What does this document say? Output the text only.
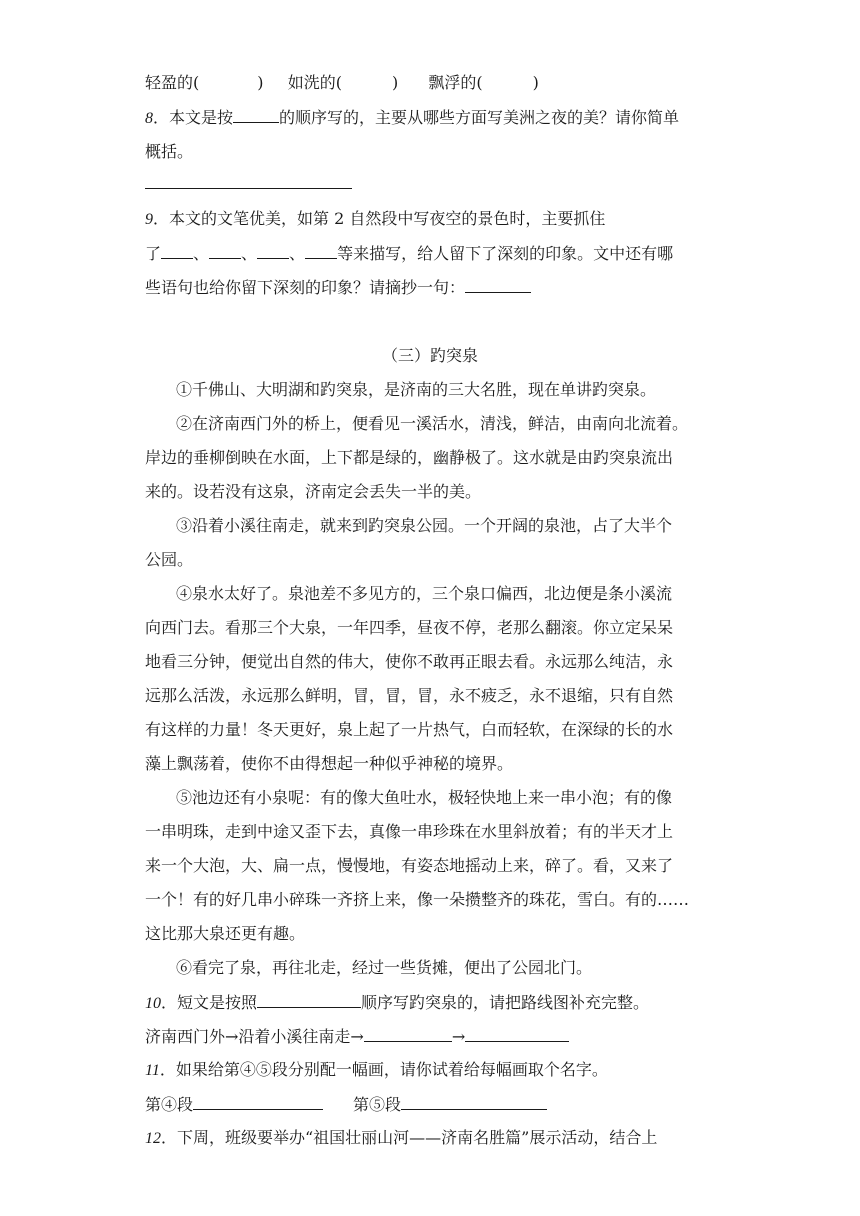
轻盈的(	) 如洗的(	) 飘浮的(	)
8．本文是按	的顺序写的，主要从哪些方面写美洲之夜的美？请你简单
概括。
9．本文的文笔优美，如第 2 自然段中写夜空的景色时，主要抓住
了 、 、 、 等来描写，给人留下了深刻的印象。文中还有哪
些语句也给你留下深刻的印象？请摘抄一句：
（三）趵突泉
①千佛山、大明湖和趵突泉，是济南的三大名胜，现在单讲趵突泉。
②在济南西门外的桥上，便看见一溪活水，清浅，鲜洁，由南向北流着。
岸边的垂柳倒映在水面，上下都是绿的，幽静极了。这水就是由趵突泉流出
来的。设若没有这泉，济南定会丢失一半的美。
③沿着小溪往南走，就来到趵突泉公园。一个开阔的泉池，占了大半个
公园。
④泉水太好了。泉池差不多见方的，三个泉口偏西，北边便是条小溪流
向西门去。看那三个大泉，一年四季，昼夜不停，老那么翻滚。你立定呆呆
地看三分钟，便觉出自然的伟大，使你不敢再正眼去看。永远那么纯洁，永
远那么活泼，永远那么鲜明，冒，冒，冒，永不疲乏，永不退缩，只有自然
有这样的力量！冬天更好，泉上起了一片热气，白而轻软，在深绿的长的水
藻上飘荡着，使你不由得想起一种似乎神秘的境界。
⑤池边还有小泉呢：有的像大鱼吐水，极轻快地上来一串小泡；有的像
一串明珠，走到中途又歪下去，真像一串珍珠在水里斜放着；有的半天才上
来一个大泡，大、扁一点，慢慢地，有姿态地摇动上来，碎了。看，又来了
一个！有的好几串小碎珠一齐挤上来，像一朵攒整齐的珠花，雪白。有的……
这比那大泉还更有趣。
⑥看完了泉，再往北走，经过一些货摊，便出了公园北门。
10．短文是按照	顺序写趵突泉的，请把路线图补充完整。
济南西门外→沿着小溪往南走→	→
11．如果给第④⑤段分别配一幅画，请你试着给每幅画取个名字。
第④段	第⑤段
12．下周，班级要举办“祖国壮丽山河——济南名胜篇”展示活动，结合上
